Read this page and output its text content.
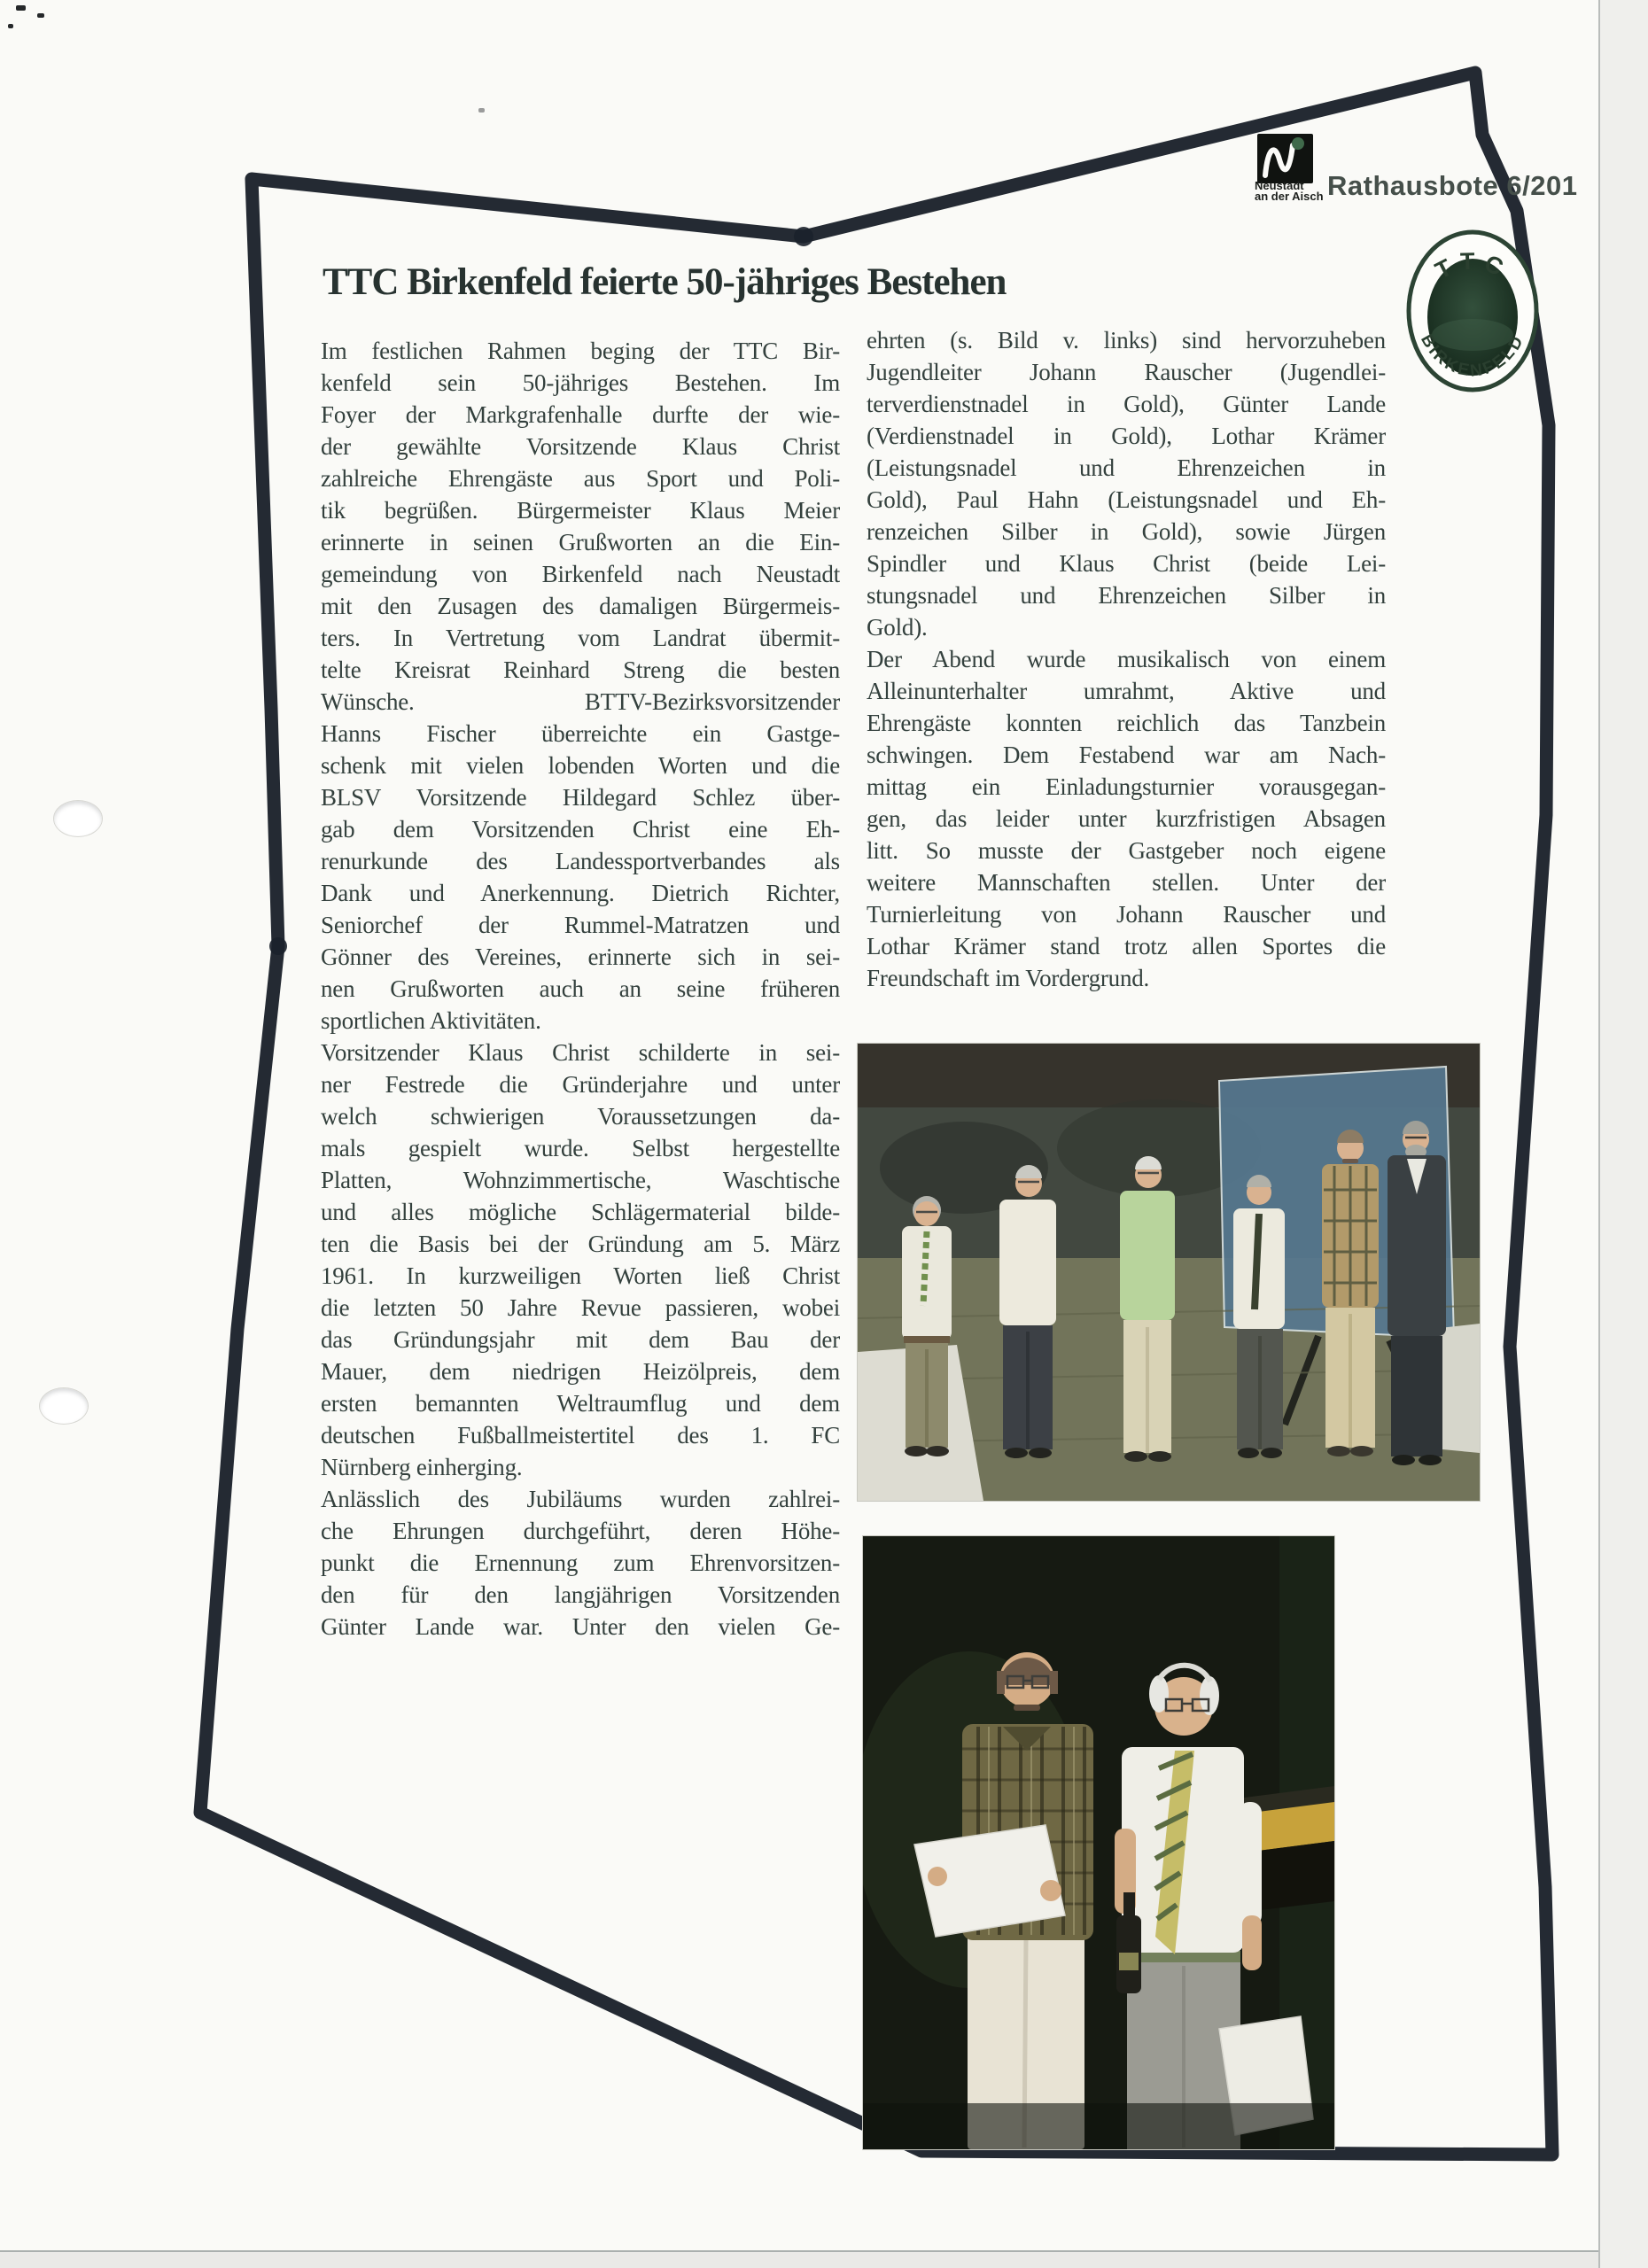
Neustadt
an der Aisch Rathausbote 6/201
TTC
BIRKENFELD
TTC Birkenfeld feierte 50-jähriges Bestehen
Im festlichen Rahmen beging der TTC Bir-
kenfeld sein 50-jähriges Bestehen. Im
Foyer der Markgrafenhalle durfte der wie-
der gewählte Vorsitzende Klaus Christ
zahlreiche Ehrengäste aus Sport und Poli-
tik begrüßen. Bürgermeister Klaus Meier
erinnerte in seinen Grußworten an die Ein-
gemeindung von Birkenfeld nach Neustadt
mit den Zusagen des damaligen Bürgermeis-
ters. In Vertretung vom Landrat übermit-
telte Kreisrat Reinhard Streng die besten
Wünsche. BTTV-Bezirksvorsitzender
Hanns Fischer überreichte ein Gastge-
schenk mit vielen lobenden Worten und die
BLSV Vorsitzende Hildegard Schlez über-
gab dem Vorsitzenden Christ eine Eh-
renurkunde des Landessportverbandes als
Dank und Anerkennung. Dietrich Richter,
Seniorchef der Rummel-Matratzen und
Gönner des Vereines, erinnerte sich in sei-
nen Grußworten auch an seine früheren
sportlichen Aktivitäten.
Vorsitzender Klaus Christ schilderte in sei-
ner Festrede die Gründerjahre und unter
welch schwierigen Voraussetzungen da-
mals gespielt wurde. Selbst hergestellte
Platten, Wohnzimmertische, Waschtische
und alles mögliche Schlägermaterial bilde-
ten die Basis bei der Gründung am 5. März
1961. In kurzweiligen Worten ließ Christ
die letzten 50 Jahre Revue passieren, wobei
das Gründungsjahr mit dem Bau der
Mauer, dem niedrigen Heizölpreis, dem
ersten bemannten Weltraumflug und dem
deutschen Fußballmeistertitel des 1. FC
Nürnberg einherging.
Anlässlich des Jubiläums wurden zahlrei-
che Ehrungen durchgeführt, deren Höhe-
punkt die Ernennung zum Ehrenvorsitzen-
den für den langjährigen Vorsitzenden
Günter Lande war. Unter den vielen Ge-
ehrten (s. Bild v. links) sind hervorzuheben
Jugendleiter Johann Rauscher (Jugendlei-
terverdienstnadel in Gold), Günter Lande
(Verdienstnadel in Gold), Lothar Krämer
(Leistungsnadel und Ehrenzeichen in
Gold), Paul Hahn (Leistungsnadel und Eh-
renzeichen Silber in Gold), sowie Jürgen
Spindler und Klaus Christ (beide Lei-
stungsnadel und Ehrenzeichen Silber in
Gold).
Der Abend wurde musikalisch von einem
Alleinunterhalter umrahmt, Aktive und
Ehrengäste konnten reichlich das Tanzbein
schwingen. Dem Festabend war am Nach-
mittag ein Einladungsturnier vorausgegan-
gen, das leider unter kurzfristigen Absagen
litt. So musste der Gastgeber noch eigene
weitere Mannschaften stellen. Unter der
Turnierleitung von Johann Rauscher und
Lothar Krämer stand trotz allen Sportes die
Freundschaft im Vordergrund.
